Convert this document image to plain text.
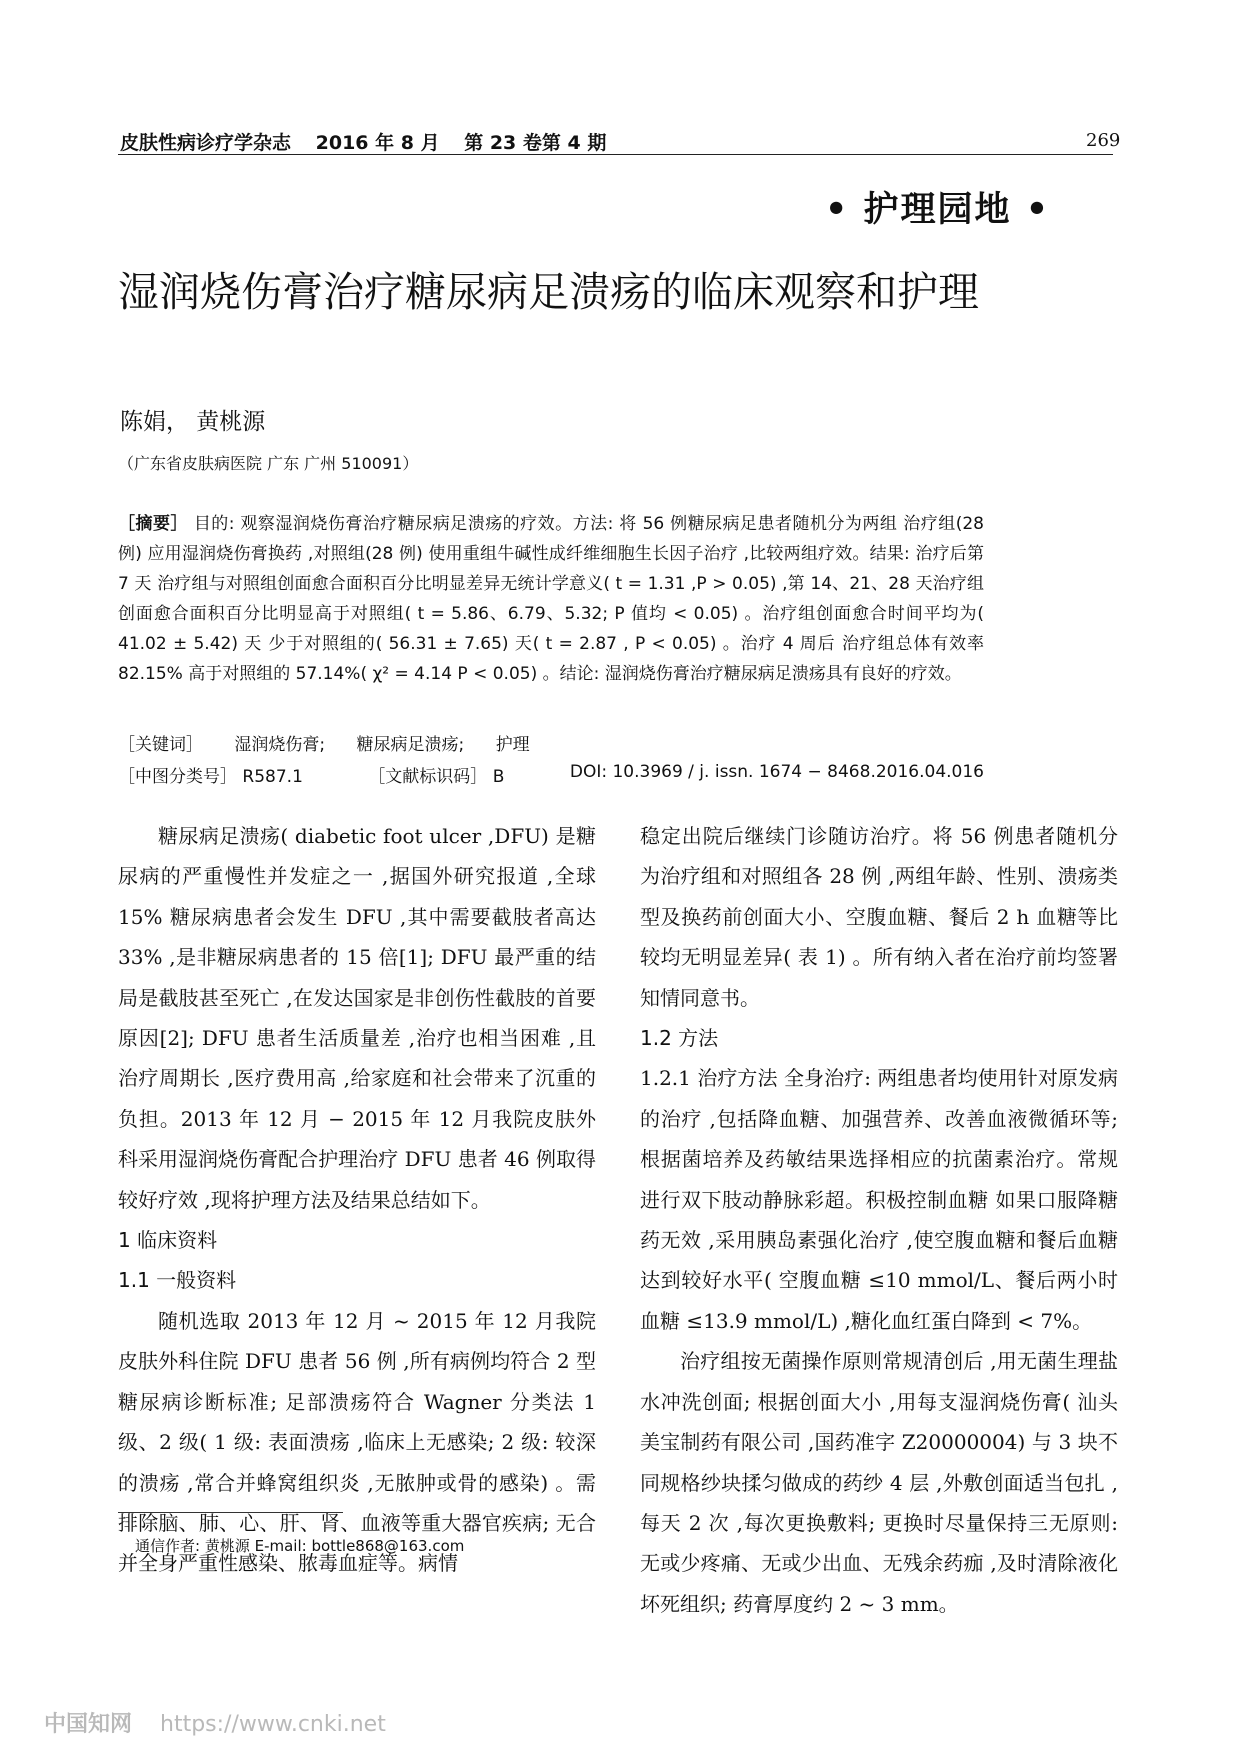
皮肤性病诊疗学杂志 2016 年 8 月 第 23 卷第 4 期	269
• 护理园地 •
湿润烧伤膏治疗糖尿病足溃疡的临床观察和护理
陈娟， 黄桃源
（广东省皮肤病医院 广东 广州 510091）
［摘要］ 目的: 观察湿润烧伤膏治疗糖尿病足溃疡的疗效。方法: 将 56 例糖尿病足患者随机分为两组 治疗组(28 例) 应用湿润烧伤膏换药 ,对照组(28 例) 使用重组牛碱性成纤维细胞生长因子治疗 ,比较两组疗效。结果: 治疗后第 7 天 治疗组与对照组创面愈合面积百分比明显差异无统计学意义( t = 1.31 ,P > 0.05) ,第 14、21、28 天治疗组创面愈合面积百分比明显高于对照组( t = 5.86、6.79、5.32; P 值均 < 0.05) 。治疗组创面愈合时间平均为( 41.02 ± 5.42) 天 少于对照组的( 56.31 ± 7.65) 天( t = 2.87 , P < 0.05) 。治疗 4 周后 治疗组总体有效率 82.15% 高于对照组的 57.14%( χ² = 4.14 P < 0.05) 。结论: 湿润烧伤膏治疗糖尿病足溃疡具有良好的疗效。
［关键词］ 湿润烧伤膏; 糖尿病足溃疡; 护理
［中图分类号］ R587.1	［文献标识码］ B	DOI: 10.3969 / j. issn. 1674 − 8468.2016.04.016

糖尿病足溃疡( diabetic foot ulcer ,DFU) 是糖尿病的严重慢性并发症之一 ,据国外研究报道 ,全球 15% 糖尿病患者会发生 DFU ,其中需要截肢者高达 33% ,是非糖尿病患者的 15 倍[1]; DFU 最严重的结局是截肢甚至死亡 ,在发达国家是非创伤性截肢的首要原因[2]; DFU 患者生活质量差 ,治疗也相当困难 ,且治疗周期长 ,医疗费用高 ,给家庭和社会带来了沉重的负担。2013 年 12 月 − 2015 年 12 月我院皮肤外科采用湿润烧伤膏配合护理治疗 DFU 患者 46 例取得较好疗效 ,现将护理方法及结果总结如下。

1 临床资料
1.1 一般资料

随机选取 2013 年 12 月 ~ 2015 年 12 月我院皮肤外科住院 DFU 患者 56 例 ,所有病例均符合 2 型糖尿病诊断标准; 足部溃疡符合 Wagner 分类法 1 级、2 级( 1 级: 表面溃疡 ,临床上无感染; 2 级: 较深的溃疡 ,常合并蜂窝组织炎 ,无脓肿或骨的感染) 。需排除脑、肺、心、肝、肾、血液等重大器官疾病; 无合并全身严重性感染、脓毒血症等。病情

稳定出院后继续门诊随访治疗。将 56 例患者随机分为治疗组和对照组各 28 例 ,两组年龄、性别、溃疡类型及换药前创面大小、空腹血糖、餐后 2 h 血糖等比较均无明显差异( 表 1) 。所有纳入者在治疗前均签署知情同意书。

1.2 方法

1.2.1 治疗方法 全身治疗: 两组患者均使用针对原发病的治疗 ,包括降血糖、加强营养、改善血液微循环等; 根据菌培养及药敏结果选择相应的抗菌素治疗。常规进行双下肢动静脉彩超。积极控制血糖 如果口服降糖药无效 ,采用胰岛素强化治疗 ,使空腹血糖和餐后血糖达到较好水平( 空腹血糖 ≤10 mmol/L、餐后两小时血糖 ≤13.9 mmol/L) ,糖化血红蛋白降到 < 7%。

治疗组按无菌操作原则常规清创后 ,用无菌生理盐水冲洗创面; 根据创面大小 ,用每支湿润烧伤膏( 汕头美宝制药有限公司 ,国药准字 Z20000004) 与 3 块不同规格纱块揉匀做成的药纱 4 层 ,外敷创面适当包扎 ,每天 2 次 ,每次更换敷料; 更换时尽量保持三无原则: 无或少疼痛、无或少出血、无残余药痂 ,及时清除液化坏死组织; 药膏厚度约 2 ~ 3 mm。

通信作者: 黄桃源 E-mail: bottle868@163.com
中国知网 https://www.cnki.net
